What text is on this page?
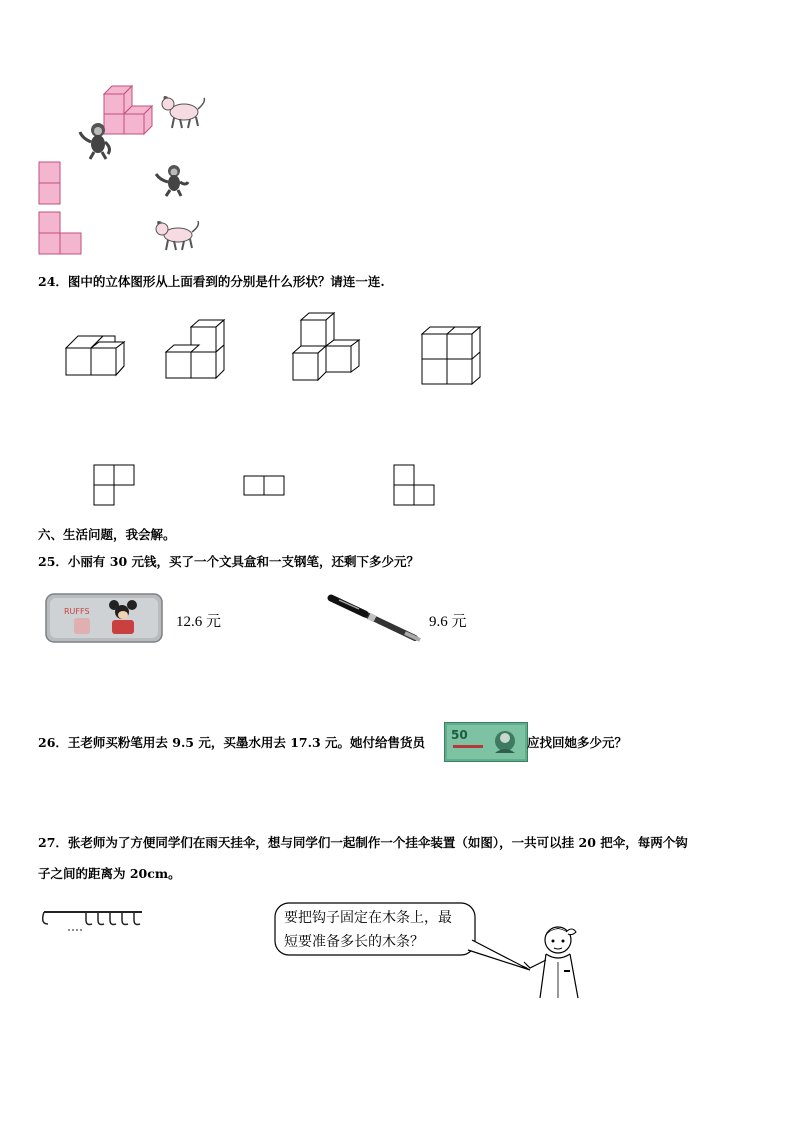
24．图中的立体图形从上面看到的分别是什么形状？请连一连.
六、生活问题，我会解。
25．小丽有 30 元钱，买了一个文具盒和一支钢笔，还剩下多少元？
RUFFS
12.6 元	9.6 元
26．王老师买粉笔用去 9.5 元，买墨水用去 17.3 元。她付给售货员 50	应找回她多少元？
27．张老师为了方便同学们在雨天挂伞，想与同学们一起制作一个挂伞装置（如图），一共可以挂 20 把伞，每两个钩
子之间的距离为 20cm。
要把钩子固定在木条上，最
短要准备多长的木条？
